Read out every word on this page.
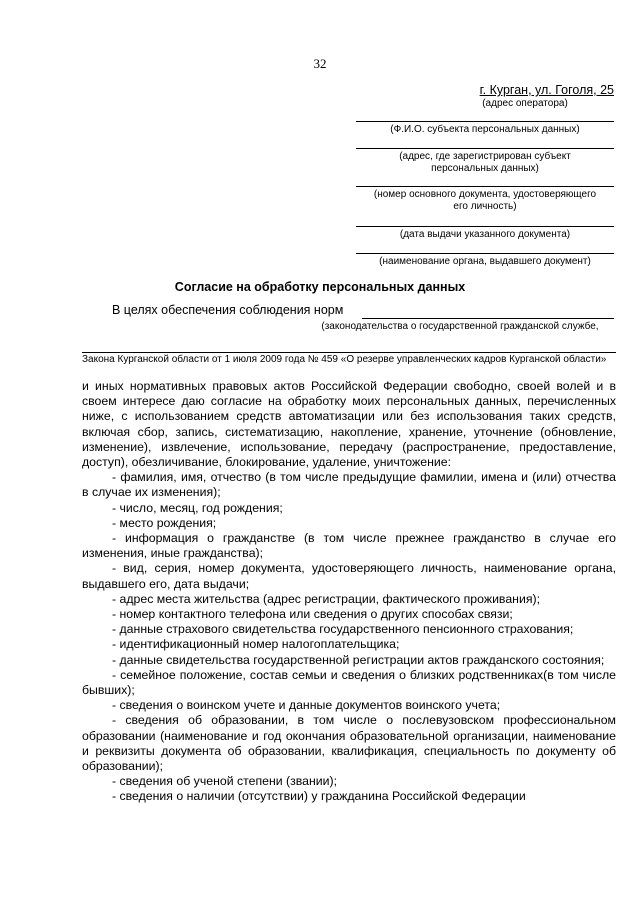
32
г. Курган, ул. Гоголя, 25
(адрес оператора)
(Ф.И.О. субъекта персональных данных)
(адрес, где зарегистрирован субъект
персональных данных)
(номер основного документа, удостоверяющего
его личность)
(дата выдачи указанного документа)
(наименование органа, выдавшего документ)
Согласие на обработку персональных данных
В целях обеспечения соблюдения норм
(законодательства о государственной гражданской службе,
Закона Курганской области от 1 июля 2009 года № 459 «О резерве управленческих кадров Курганской области»

и иных нормативных правовых актов Российской Федерации свободно, своей волей и в своем интересе даю согласие на обработку моих персональных данных, перечисленных ниже, с использованием средств автоматизации или без использования таких средств, включая сбор, запись, систематизацию, накопление, хранение, уточнение (обновление, изменение), извлечение, использование, передачу (распространение, предоставление, доступ), обезличивание, блокирование, удаление, уничтожение:

- фамилия, имя, отчество (в том числе предыдущие фамилии, имена и (или) отчества в случае их изменения);

- число, месяц, год рождения;

- место рождения;

- информация о гражданстве (в том числе прежнее гражданство в случае его изменения, иные гражданства);

- вид, серия, номер документа, удостоверяющего личность, наименование органа, выдавшего его, дата выдачи;

- адрес места жительства (адрес регистрации, фактического проживания);

- номер контактного телефона или сведения о других способах связи;

- данные страхового свидетельства государственного пенсионного страхования;

- идентификационный номер налогоплательщика;

- данные свидетельства государственной регистрации актов гражданского состояния;

- семейное положение, состав семьи и сведения о близких родственниках(в том числе бывших);

- сведения о воинском учете и данные документов воинского учета;

- сведения об образовании, в том числе о послевузовском профессиональном образовании (наименование и год окончания образовательной организации, наименование и реквизиты документа об образовании, квалификация, специальность по документу об образовании);

- сведения об ученой степени (звании);

- сведения о наличии (отсутствии) у гражданина Российской Федерации
